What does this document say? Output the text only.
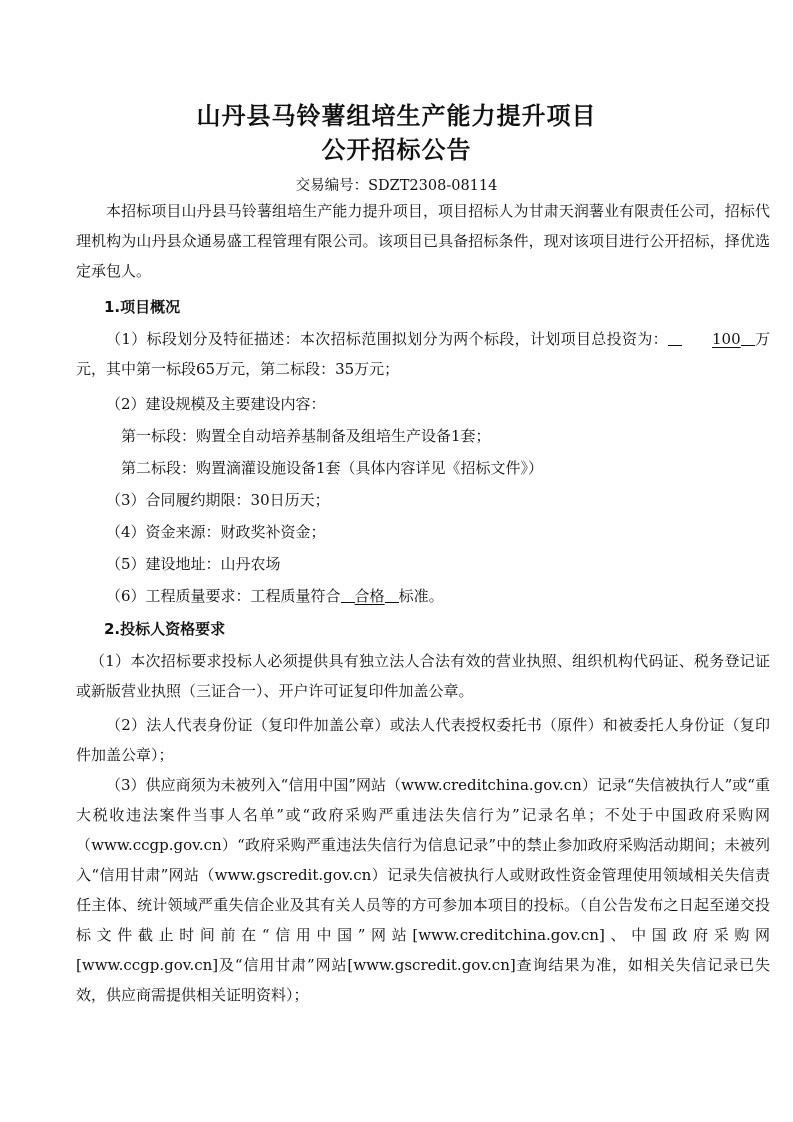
山丹县马铃薯组培生产能力提升项目
公开招标公告
交易编号：SDZT2308-08114

本招标项目山丹县马铃薯组培生产能力提升项目，项目招标人为甘肃天润薯业有限责任公司，招标代理机构为山丹县众通易盛工程管理有限公司。该项目已具备招标条件，现对该项目进行公开招标，择优选定承包人。

1.项目概况

（1）标段划分及特征描述：本次招标范围拟划分为两个标段，计划项目总投资为：	100 万元，其中第一标段65万元，第二标段：35万元；

（2）建设规模及主要建设内容：
第一标段：购置全自动培养基制备及组培生产设备1套；
第二标段：购置滴灌设施设备1套（具体内容详见《招标文件》）
（3）合同履约期限：30日历天；
（4）资金来源：财政奖补资金；
（5）建设地址：山丹农场
（6）工程质量要求：工程质量符合 合格 标准。
2.投标人资格要求

（1）本次招标要求投标人必须提供具有独立法人合法有效的营业执照、组织机构代码证、税务登记证或新版营业执照（三证合一）、开户许可证复印件加盖公章。

（2）法人代表身份证（复印件加盖公章）或法人代表授权委托书（原件）和被委托人身份证（复印件加盖公章）；

（3）供应商须为未被列入“信用中国”网站（www.creditchina.gov.cn）记录“失信被执行人”或“重大税收违法案件当事人名单”或“政府采购严重违法失信行为”记录名单；不处于中国政府采购网（www.ccgp.gov.cn）“政府采购严重违法失信行为信息记录”中的禁止参加政府采购活动期间；未被列入“信用甘肃”网站（www.gscredit.gov.cn）记录失信被执行人或财政性资金管理使用领域相关失信责任主体、统计领域严重失信企业及其有关人员等的方可参加本项目的投标。（自公告发布之日起至递交投标文件截止时间前在“信用中国”网站[www.creditchina.gov.cn]、中国政府采购网[www.ccgp.gov.cn]及“信用甘肃”网站[www.gscredit.gov.cn]查询结果为准，如相关失信记录已失效，供应商需提供相关证明资料）；
